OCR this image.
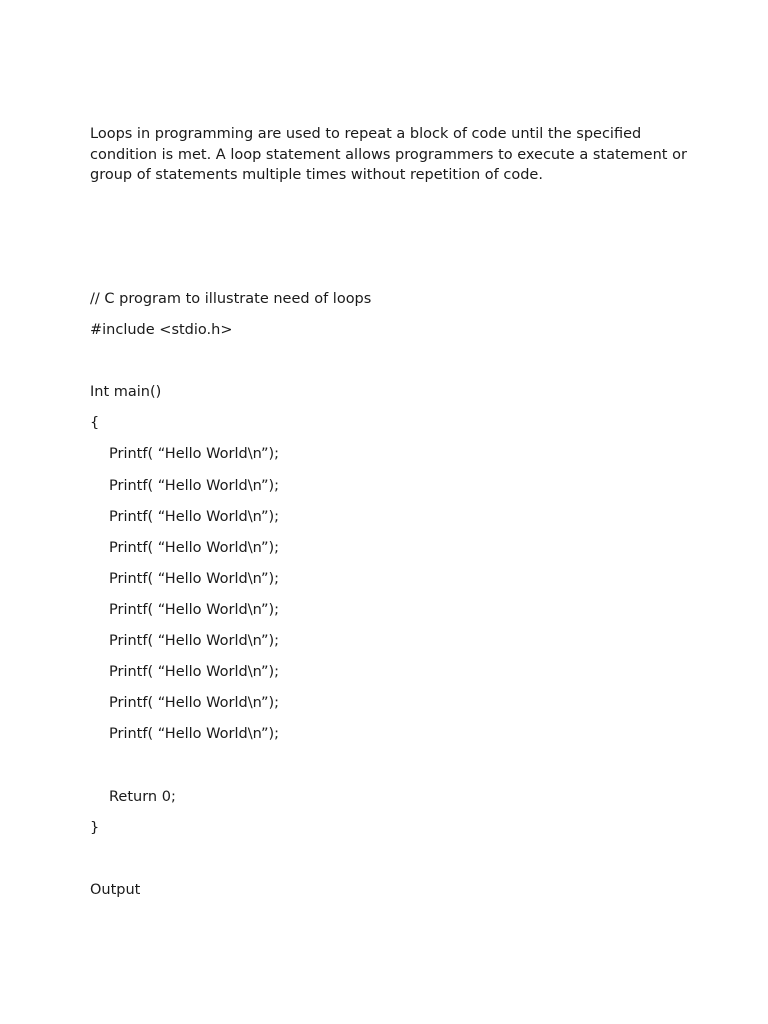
Loops in programming are used to repeat a block of code until the specified condition is met. A loop statement allows programmers to execute a statement or group of statements multiple times without repetition of code.

// C program to illustrate need of loops
#include <stdio.h>
Int main()
{
Printf( “Hello World\n”);
Printf( “Hello World\n”);
Printf( “Hello World\n”);
Printf( “Hello World\n”);
Printf( “Hello World\n”);
Printf( “Hello World\n”);
Printf( “Hello World\n”);
Printf( “Hello World\n”);
Printf( “Hello World\n”);
Printf( “Hello World\n”);
Return 0;
}
Output
